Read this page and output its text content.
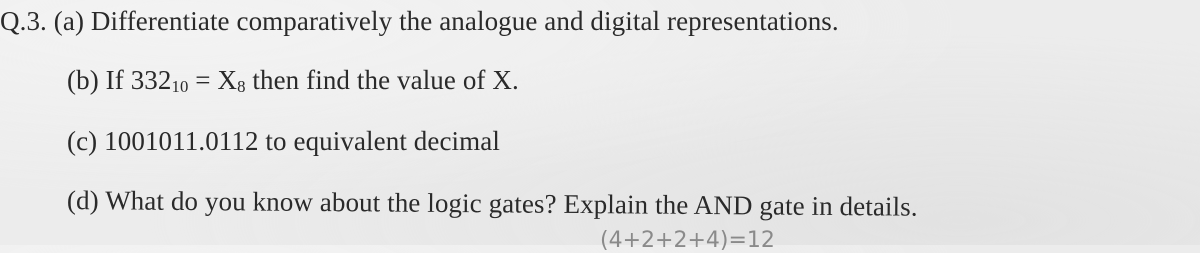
Q.3. (a) Differentiate comparatively the analogue and digital representations.
(b) If $332_{10} = X_8$ then find the value of X.
(c) 1001011.0112 to equivalent decimal
(d) What do you know about the logic gates? Explain the AND gate in details.
(4+2+2+4)=12
